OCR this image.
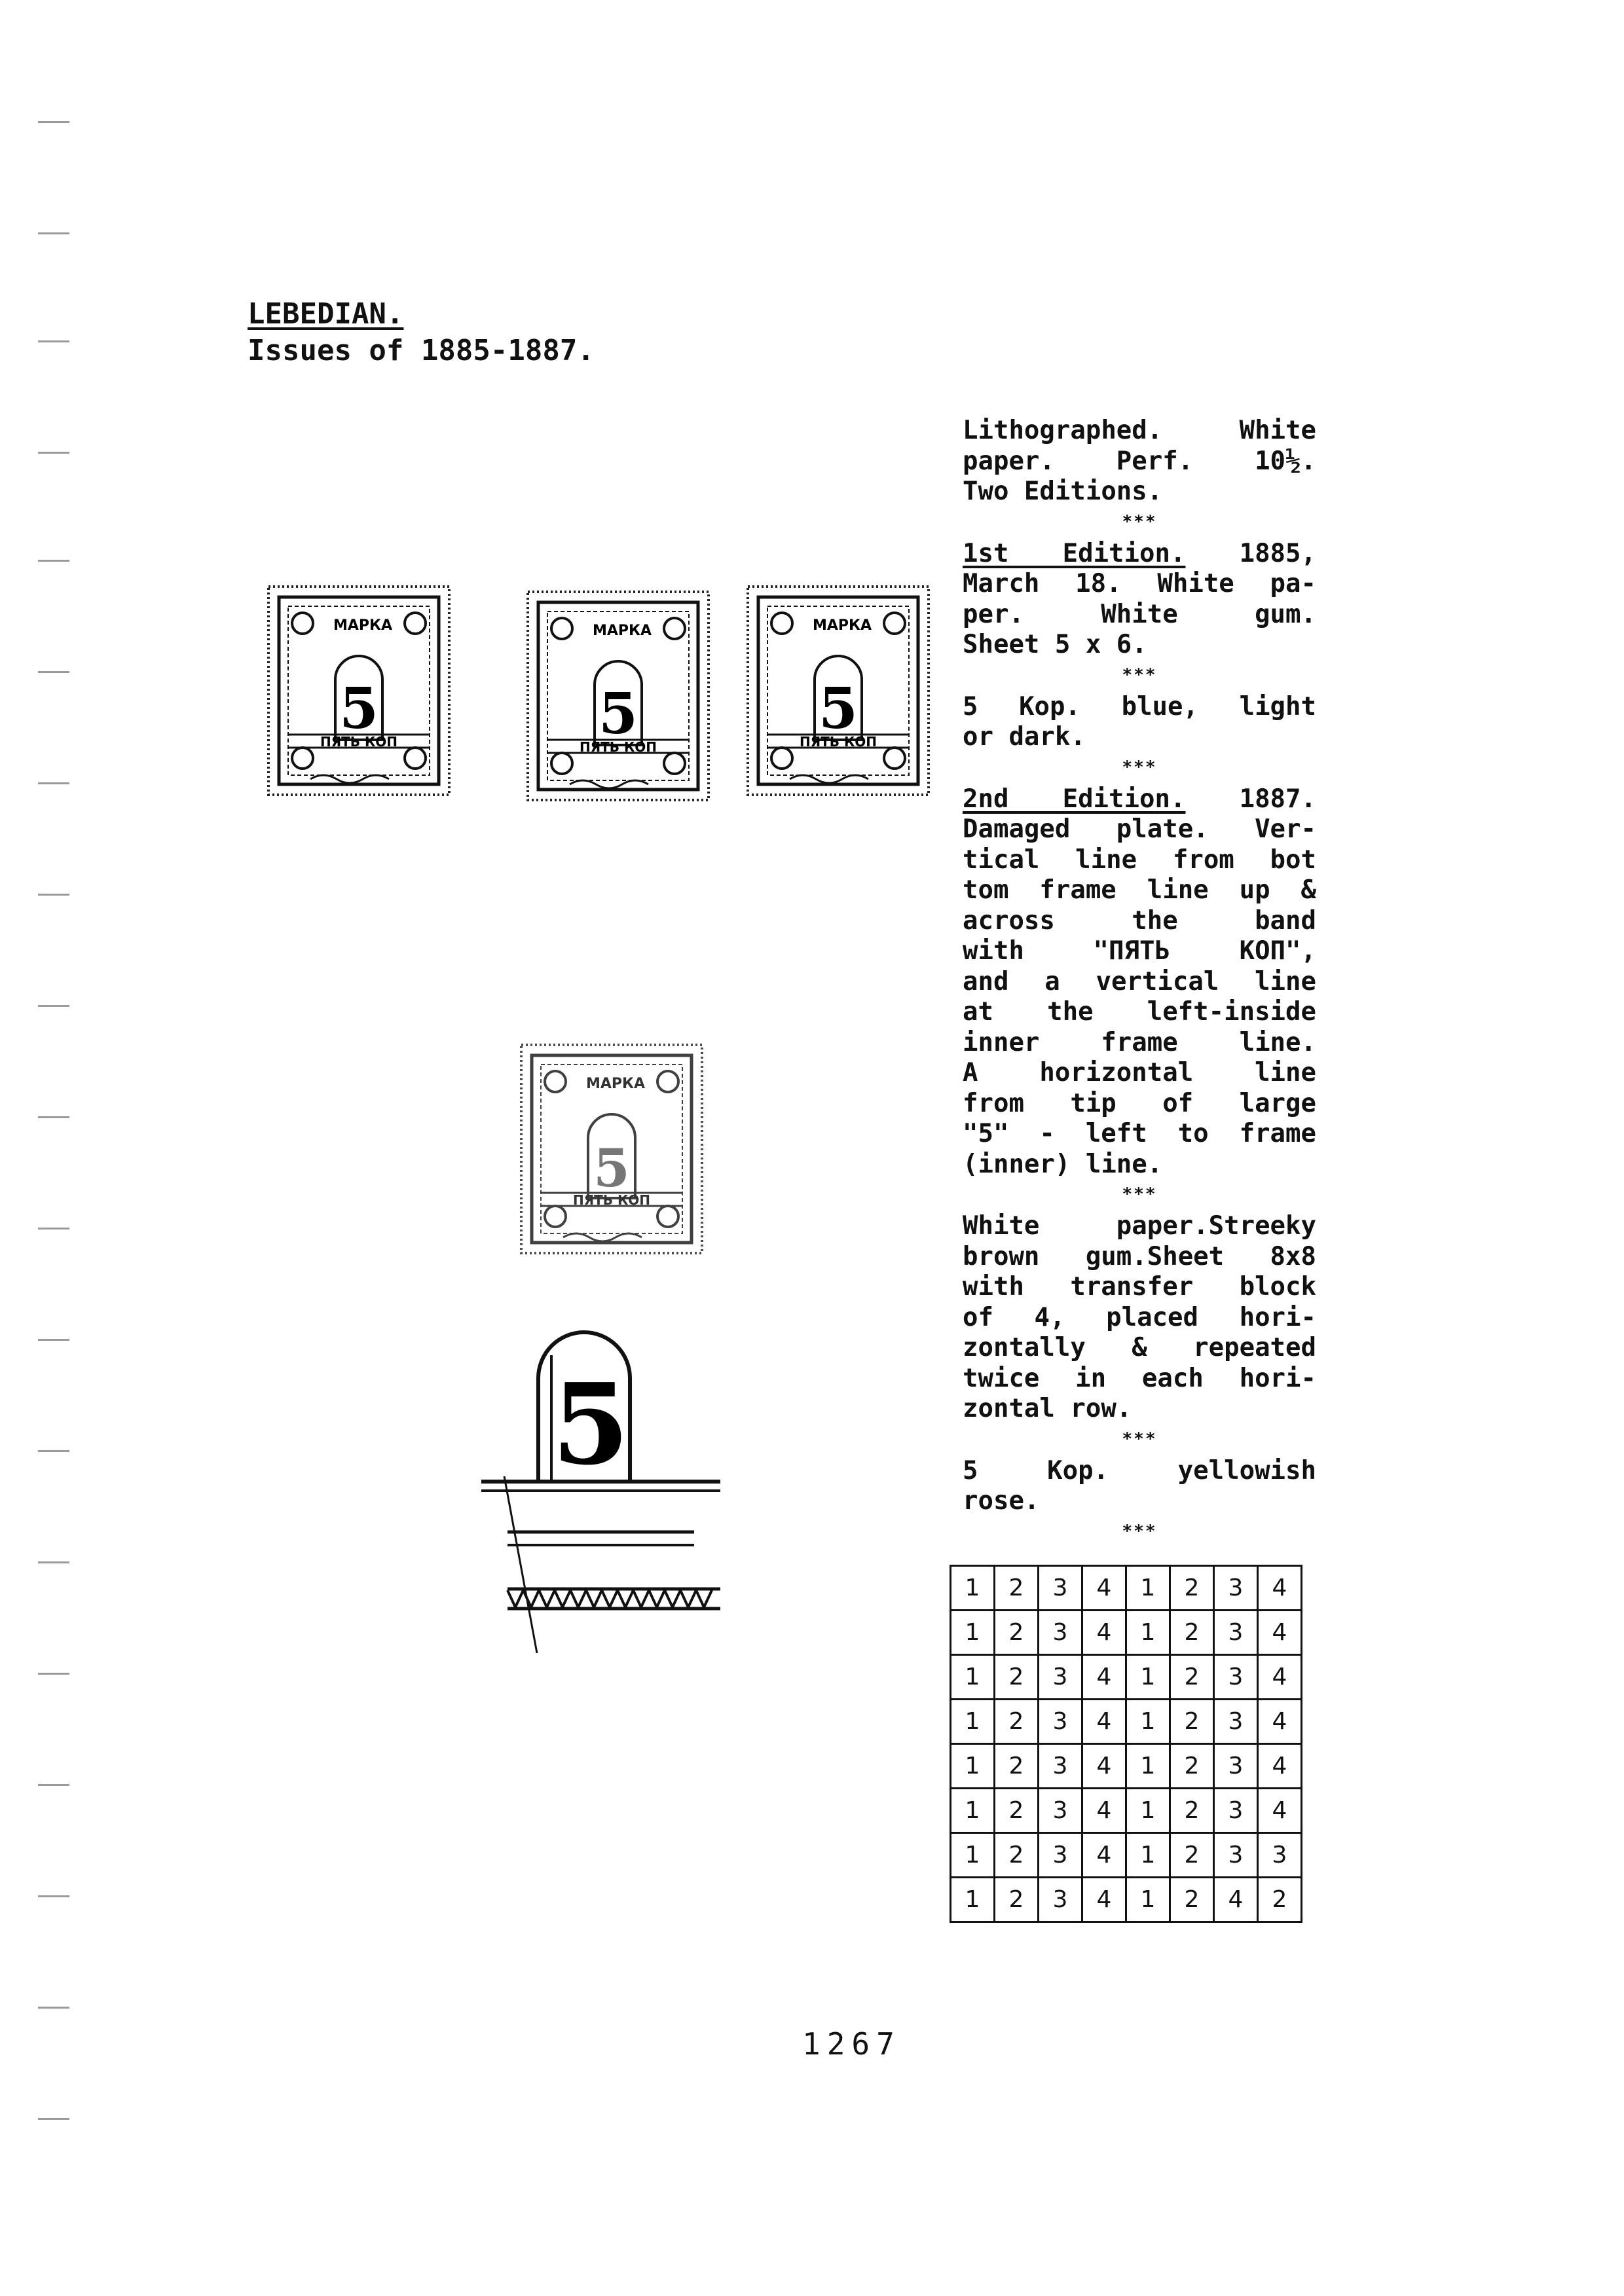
LEBEDIAN.
Issues of 1885-1887.
МАРКА
5
ПЯТЬ КОП
МАРКА
5
ПЯТЬ КОП
МАРКА
5
ПЯТЬ КОП
МАРКА
5
ПЯТЬ КОП
5

Lithographed. White

paper. Perf. 10½.

Two Editions.

***

1st Edition. 1885,

March 18. White pa-

per. White gum.

Sheet 5 x 6.

***

5 Kop. blue, light

or dark.

***

2nd Edition. 1887.

Damaged plate. Ver-

tical line from bot

tom frame line up &

across the band

with "ПЯТЬ КОП",

and a vertical line

at the left-inside

inner frame line.

A horizontal line

from tip of large

"5" - left to frame

(inner) line.

***

White paper.Streeky

brown gum.Sheet 8x8

with transfer block

of 4, placed hori-

zontally & repeated

twice in each hori-

zontal row.

***

5 Kop. yellowish

rose.

***

1	2	3	4	1	2	3	4
1	2	3	4	1	2	3	4
1	2	3	4	1	2	3	4
1	2	3	4	1	2	3	4
1	2	3	4	1	2	3	4
1	2	3	4	1	2	3	4
1	2	3	4	1	2	3	3
1	2	3	4	1	2	4	2
1267
